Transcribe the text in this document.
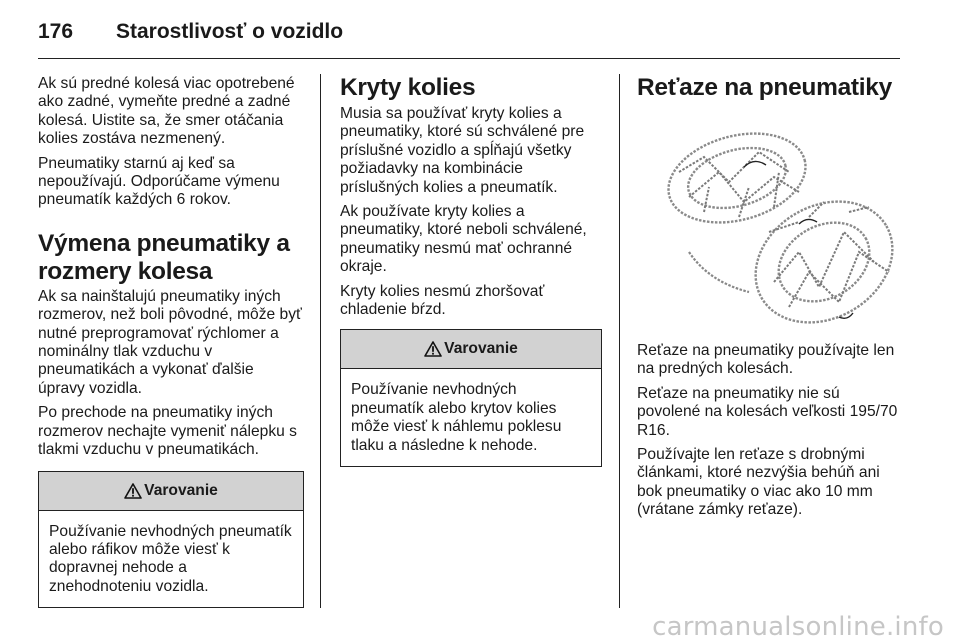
176	Starostlivosť o vozidlo

Ak sú predné kolesá viac opotrebené ako zadné, vymeňte predné a zadné kolesá. Uistite sa, že smer otáčania kolies zostáva nezmenený.

Pneumatiky starnú aj keď sa nepoužívajú. Odporúčame výmenu pneumatík každých 6 rokov.

Výmena pneumatiky a rozmery kolesa

Ak sa nainštalujú pneumatiky iných rozmerov, než boli pôvodné, môže byť nutné preprogramovať rýchlomer a nominálny tlak vzduchu v pneumatikách a vykonať ďalšie úpravy vozidla.

Po prechode na pneumatiky iných rozmerov nechajte vymeniť nálepku s tlakmi vzduchu v pneumatikách.

Varovanie
Používanie nevhodných pneumatík alebo ráfikov môže viesť k dopravnej nehode a znehodnoteniu vozidla.
Kryty kolies

Musia sa používať kryty kolies a pneumatiky, ktoré sú schválené pre príslušné vozidlo a spĺňajú všetky požiadavky na kombinácie príslušných kolies a pneumatík.

Ak používate kryty kolies a pneumatiky, ktoré neboli schválené, pneumatiky nesmú mať ochranné okraje.

Kryty kolies nesmú zhoršovať chladenie bŕzd.

Varovanie
Používanie nevhodných pneumatík alebo krytov kolies môže viesť k náhlemu poklesu tlaku a následne k nehode.
Reťaze na pneumatiky

Reťaze na pneumatiky používajte len na predných kolesách.

Reťaze na pneumatiky nie sú povolené na kolesách veľkosti 195/70 R16.

Používajte len reťaze s drobnými článkami, ktoré nezvýšia behúň ani bok pneumatiky o viac ako 10 mm (vrátane zámky reťaze).

carmanualsonline.info
